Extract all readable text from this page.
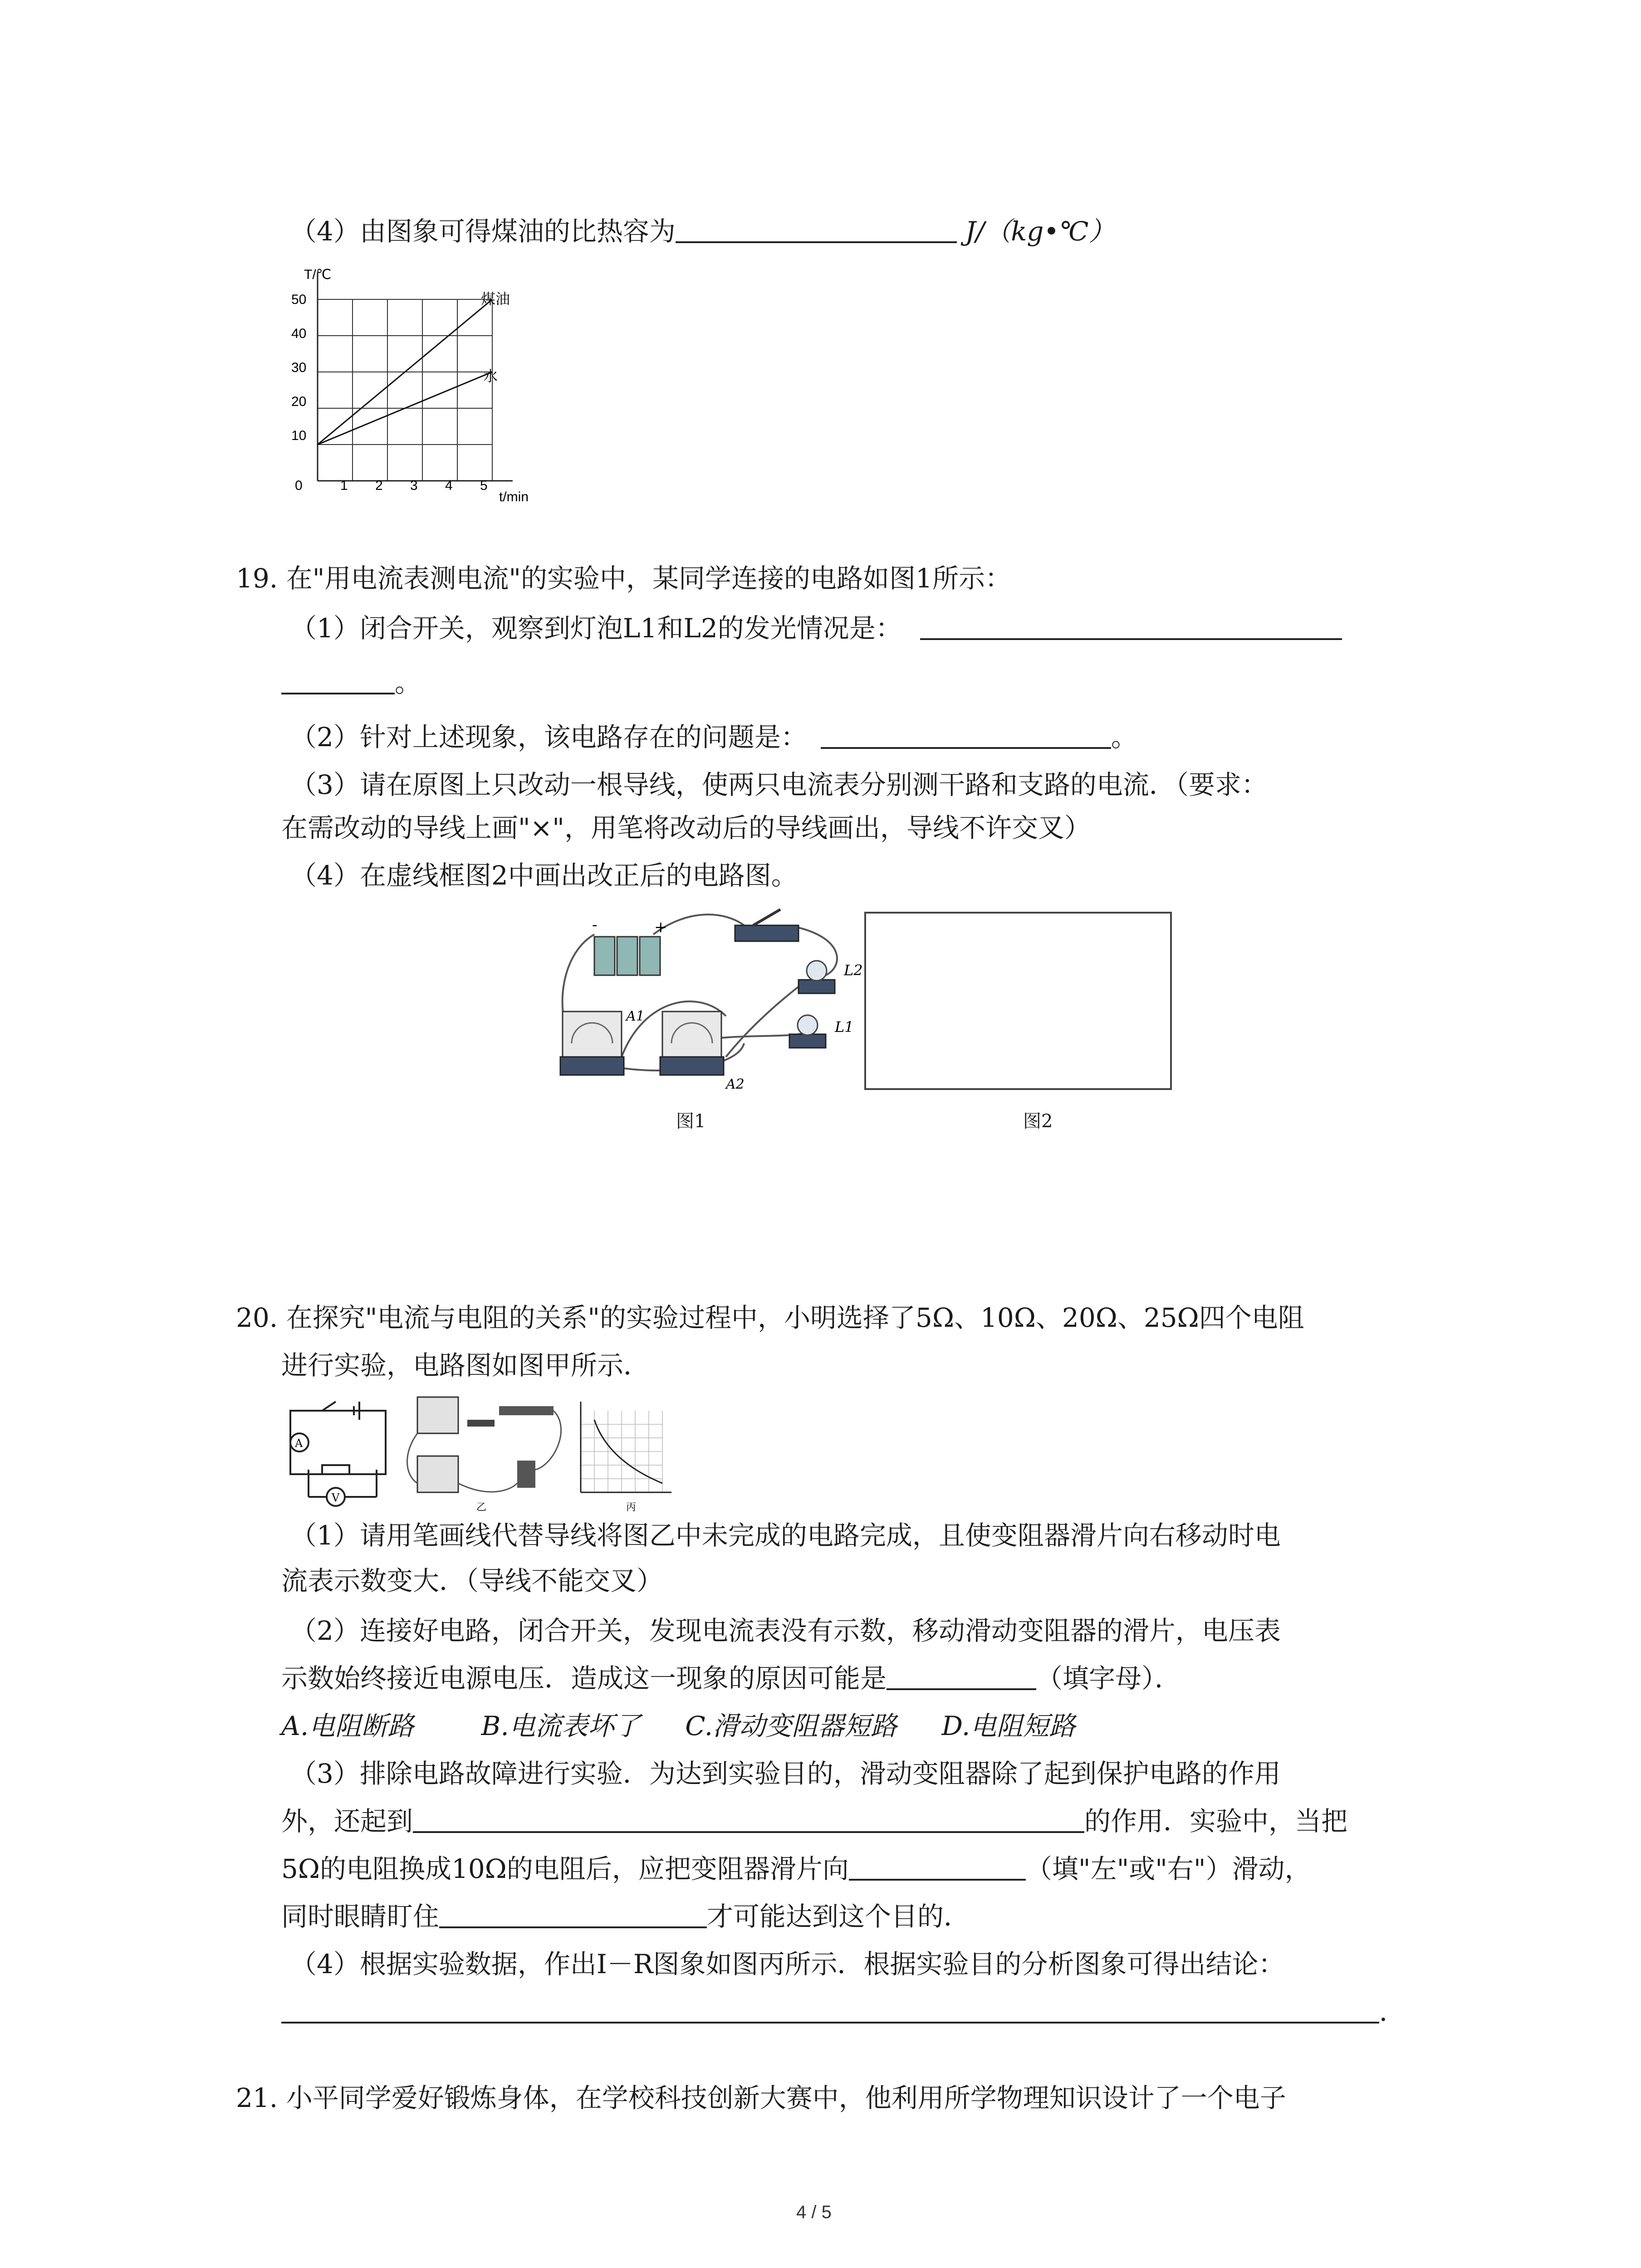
（4）由图象可得煤油的比热容为	J/（kg•℃）
T/℃
t/min
煤油
水
50
40
30
20
10
0	1 2 3 4 5
19. 在"用电流表测电流"的实验中，某同学连接的电路如图1所示：
（1）闭合开关，观察到灯泡L1和L2的发光情况是：
。
（2）针对上述现象，该电路存在的问题是：	。
（3）请在原图上只改动一根导线，使两只电流表分别测干路和支路的电流．（要求：
在需改动的导线上画"×"，用笔将改动后的导线画出，导线不许交叉）
（4）在虚线框图2中画出改正后的电路图。
-	+
L2
L1
A1
A2
图1	图2
20. 在探究"电流与电阻的关系"的实验过程中，小明选择了5Ω、10Ω、20Ω、25Ω四个电阻
进行实验，电路图如图甲所示．
A
V
乙	丙
（1）请用笔画线代替导线将图乙中未完成的电路完成，且使变阻器滑片向右移动时电
流表示数变大．（导线不能交叉）
（2）连接好电路，闭合开关，发现电流表没有示数，移动滑动变阻器的滑片，电压表
示数始终接近电源电压．造成这一现象的原因可能是	（填字母）．
A.电阻断路	B.电流表坏了 C.滑动变阻器短路 D.电阻短路
（3）排除电路故障进行实验．为达到实验目的，滑动变阻器除了起到保护电路的作用
外，还起到	的作用．实验中，当把
5Ω的电阻换成10Ω的电阻后，应把变阻器滑片向	（填"左"或"右"）滑动，
同时眼睛盯住	才可能达到这个目的．
（4）根据实验数据，作出I－R图象如图丙所示．根据实验目的分析图象可得出结论：
．
21. 小平同学爱好锻炼身体，在学校科技创新大赛中，他利用所学物理知识设计了一个电子
4 / 5
